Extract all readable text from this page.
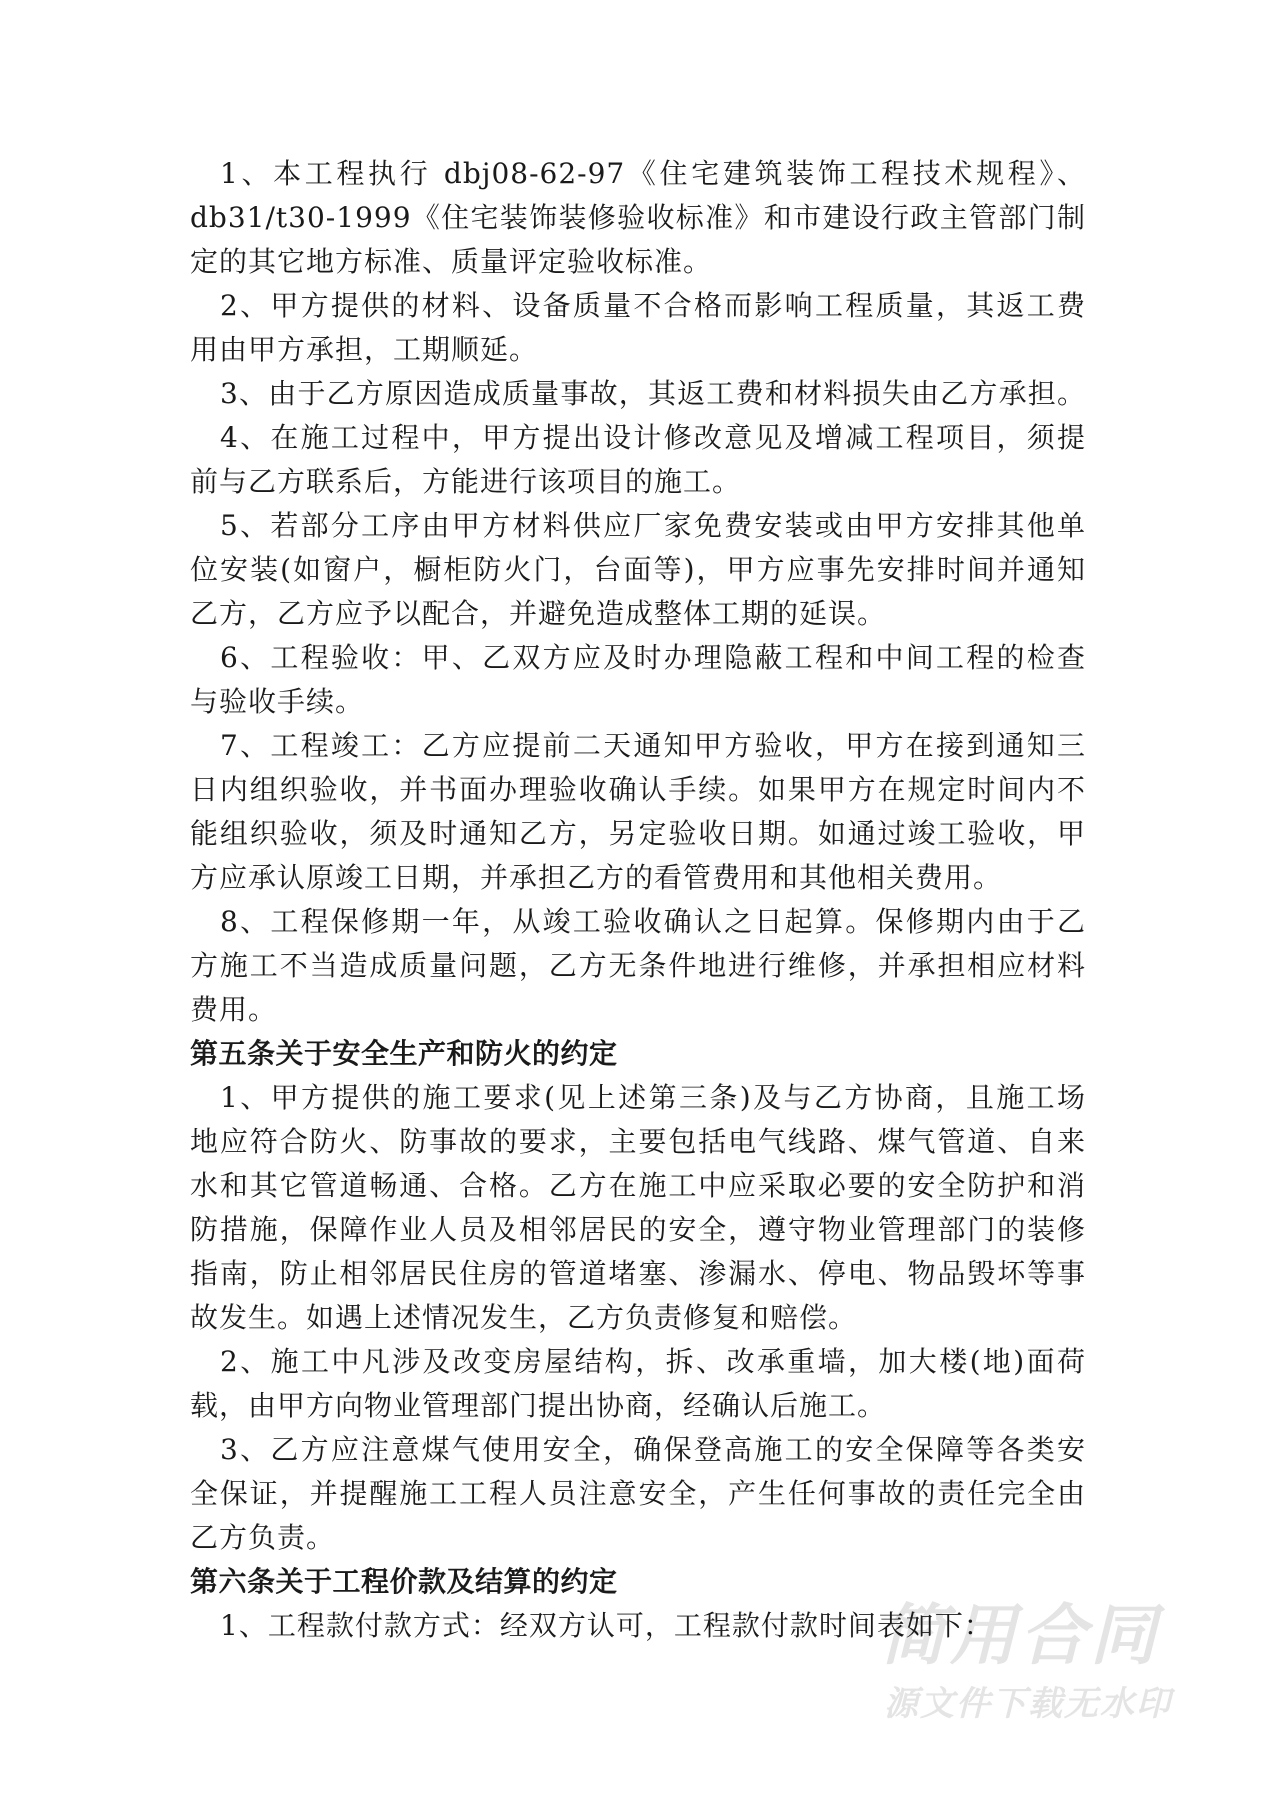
简用合同
源文件下载无水印
1、本工程执行 dbj08-62-97《住宅建筑装饰工程技术规程》、
db31/t30-1999《住宅装饰装修验收标准》和市建设行政主管部门制
定的其它地方标准、质量评定验收标准。
2、甲方提供的材料、设备质量不合格而影响工程质量，其返工费
用由甲方承担，工期顺延。
3、由于乙方原因造成质量事故，其返工费和材料损失由乙方承担。
4、在施工过程中，甲方提出设计修改意见及增减工程项目，须提
前与乙方联系后，方能进行该项目的施工。
5、若部分工序由甲方材料供应厂家免费安装或由甲方安排其他单
位安装(如窗户，橱柜防火门，台面等)，甲方应事先安排时间并通知
乙方，乙方应予以配合，并避免造成整体工期的延误。
6、工程验收：甲、乙双方应及时办理隐蔽工程和中间工程的检查
与验收手续。
7、工程竣工：乙方应提前二天通知甲方验收，甲方在接到通知三
日内组织验收，并书面办理验收确认手续。如果甲方在规定时间内不
能组织验收，须及时通知乙方，另定验收日期。如通过竣工验收，甲
方应承认原竣工日期，并承担乙方的看管费用和其他相关费用。
8、工程保修期一年，从竣工验收确认之日起算。保修期内由于乙
方施工不当造成质量问题，乙方无条件地进行维修，并承担相应材料
费用。
第五条关于安全生产和防火的约定
1、甲方提供的施工要求(见上述第三条)及与乙方协商，且施工场
地应符合防火、防事故的要求，主要包括电气线路、煤气管道、自来
水和其它管道畅通、合格。乙方在施工中应采取必要的安全防护和消
防措施，保障作业人员及相邻居民的安全，遵守物业管理部门的装修
指南，防止相邻居民住房的管道堵塞、渗漏水、停电、物品毁坏等事
故发生。如遇上述情况发生，乙方负责修复和赔偿。
2、施工中凡涉及改变房屋结构，拆、改承重墙，加大楼(地)面荷
载，由甲方向物业管理部门提出协商，经确认后施工。
3、乙方应注意煤气使用安全，确保登高施工的安全保障等各类安
全保证，并提醒施工工程人员注意安全，产生任何事故的责任完全由
乙方负责。
第六条关于工程价款及结算的约定
1、工程款付款方式：经双方认可，工程款付款时间表如下：
